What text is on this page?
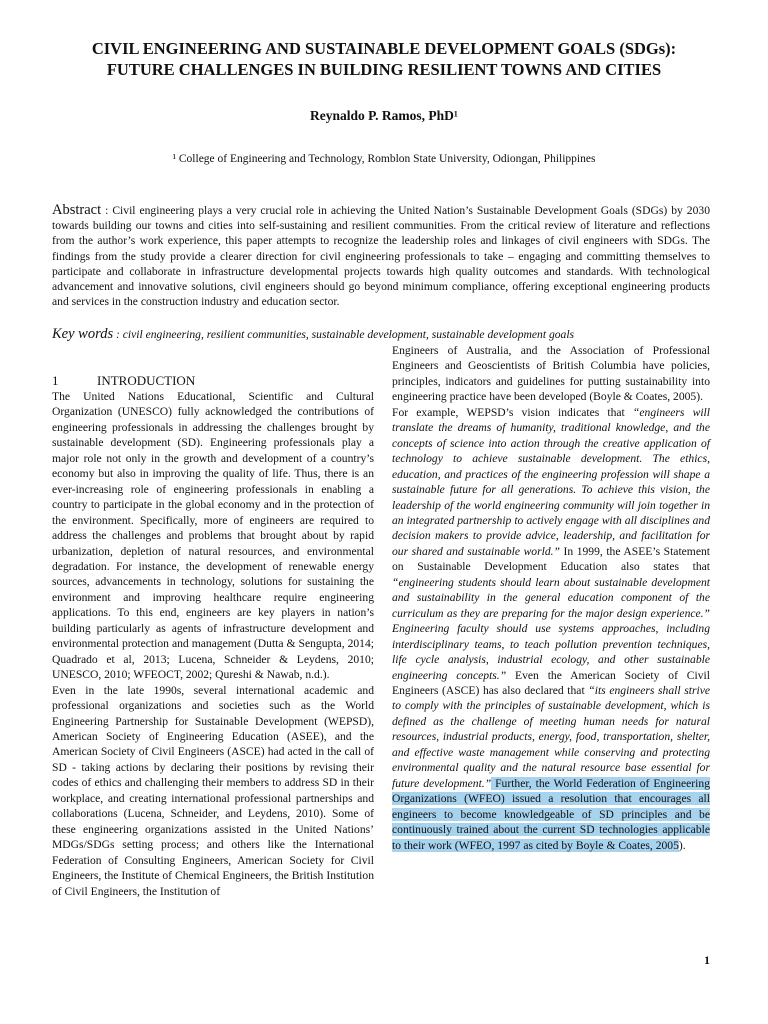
CIVIL ENGINEERING AND SUSTAINABLE DEVELOPMENT GOALS (SDGs):
FUTURE CHALLENGES IN BUILDING RESILIENT TOWNS AND CITIES
Reynaldo P. Ramos, PhD¹
¹ College of Engineering and Technology, Romblon State University, Odiongan, Philippines
Abstract : Civil engineering plays a very crucial role in achieving the United Nation’s Sustainable Development Goals (SDGs) by 2030 towards building our towns and cities into self-sustaining and resilient communities. From the critical review of literature and reflections from the author’s work experience, this paper attempts to recognize the leadership roles and linkages of civil engineers with SDGs. The findings from the study provide a clearer direction for civil engineering professionals to take – engaging and committing themselves to participate and collaborate in infrastructure developmental projects towards high quality outcomes and standards. With technological advancement and innovative solutions, civil engineers should go beyond minimum compliance, offering exceptional engineering products and services in the construction industry and education sector.
Key words : civil engineering, resilient communities, sustainable development, sustainable development goals
1	INTRODUCTION

The United Nations Educational, Scientific and Cultural Organization (UNESCO) fully acknowledged the contributions of engineering professionals in addressing the challenges brought by sustainable development (SD). Engineering professionals play a major role not only in the growth and development of a country’s economy but also in improving the quality of life. Thus, there is an ever-increasing role of engineering professionals in enabling a country to participate in the global economy and in the protection of the environment. Specifically, more of engineers are required to address the challenges and problems that brought about by rapid urbanization, depletion of natural resources, and environmental degradation. For instance, the development of renewable energy sources, advancements in technology, solutions for sustaining the environment and improving healthcare require engineering applications. To this end, engineers are key players in nation’s building particularly as agents of infrastructure development and environmental protection and management (Dutta & Sengupta, 2014; Quadrado et al, 2013; Lucena, Schneider & Leydens, 2010; UNESCO, 2010; WFEOCT, 2002; Qureshi & Nawab, n.d.).

Even in the late 1990s, several international academic and professional organizations and societies such as the World Engineering Partnership for Sustainable Development (WEPSD), American Society of Engineering Education (ASEE), and the American Society of Civil Engineers (ASCE) had acted in the call of SD - taking actions by declaring their positions by revising their codes of ethics and challenging their members to address SD in their workplace, and creating international professional partnerships and collaborations (Lucena, Schneider, and Leydens, 2010). Some of these engineering organizations assisted in the United Nations’ MDGs/SDGs setting process; and others like the International Federation of Consulting Engineers, American Society for Civil Engineers, the Institute of Chemical Engineers, the British Institution of Civil Engineers, the Institution of

Engineers of Australia, and the Association of Professional Engineers and Geoscientists of British Columbia have policies, principles, indicators and guidelines for putting sustainability into engineering practice have been developed (Boyle & Coates, 2005).

For example, WEPSD’s vision indicates that “engineers will translate the dreams of humanity, traditional knowledge, and the concepts of science into action through the creative application of technology to achieve sustainable development. The ethics, education, and practices of the engineering profession will shape a sustainable future for all generations. To achieve this vision, the leadership of the world engineering community will join together in an integrated partnership to actively engage with all disciplines and decision makers to provide advice, leadership, and facilitation for our shared and sustainable world.” In 1999, the ASEE’s Statement on Sustainable Development Education also states that “engineering students should learn about sustainable development and sustainability in the general education component of the curriculum as they are preparing for the major design experience.” Engineering faculty should use systems approaches, including interdisciplinary teams, to teach pollution prevention techniques, life cycle analysis, industrial ecology, and other sustainable engineering concepts.” Even the American Society of Civil Engineers (ASCE) has also declared that “its engineers shall strive to comply with the principles of sustainable development, which is defined as the challenge of meeting human needs for natural resources, industrial products, energy, food, transportation, shelter, and effective waste management while conserving and protecting environmental quality and the natural resource base essential for future development.” Further, the World Federation of Engineering Organizations (WFEO) issued a resolution that encourages all engineers to become knowledgeable of SD principles and be continuously trained about the current SD technologies applicable to their work (WFEO, 1997 as cited by Boyle & Coates, 2005).

1
